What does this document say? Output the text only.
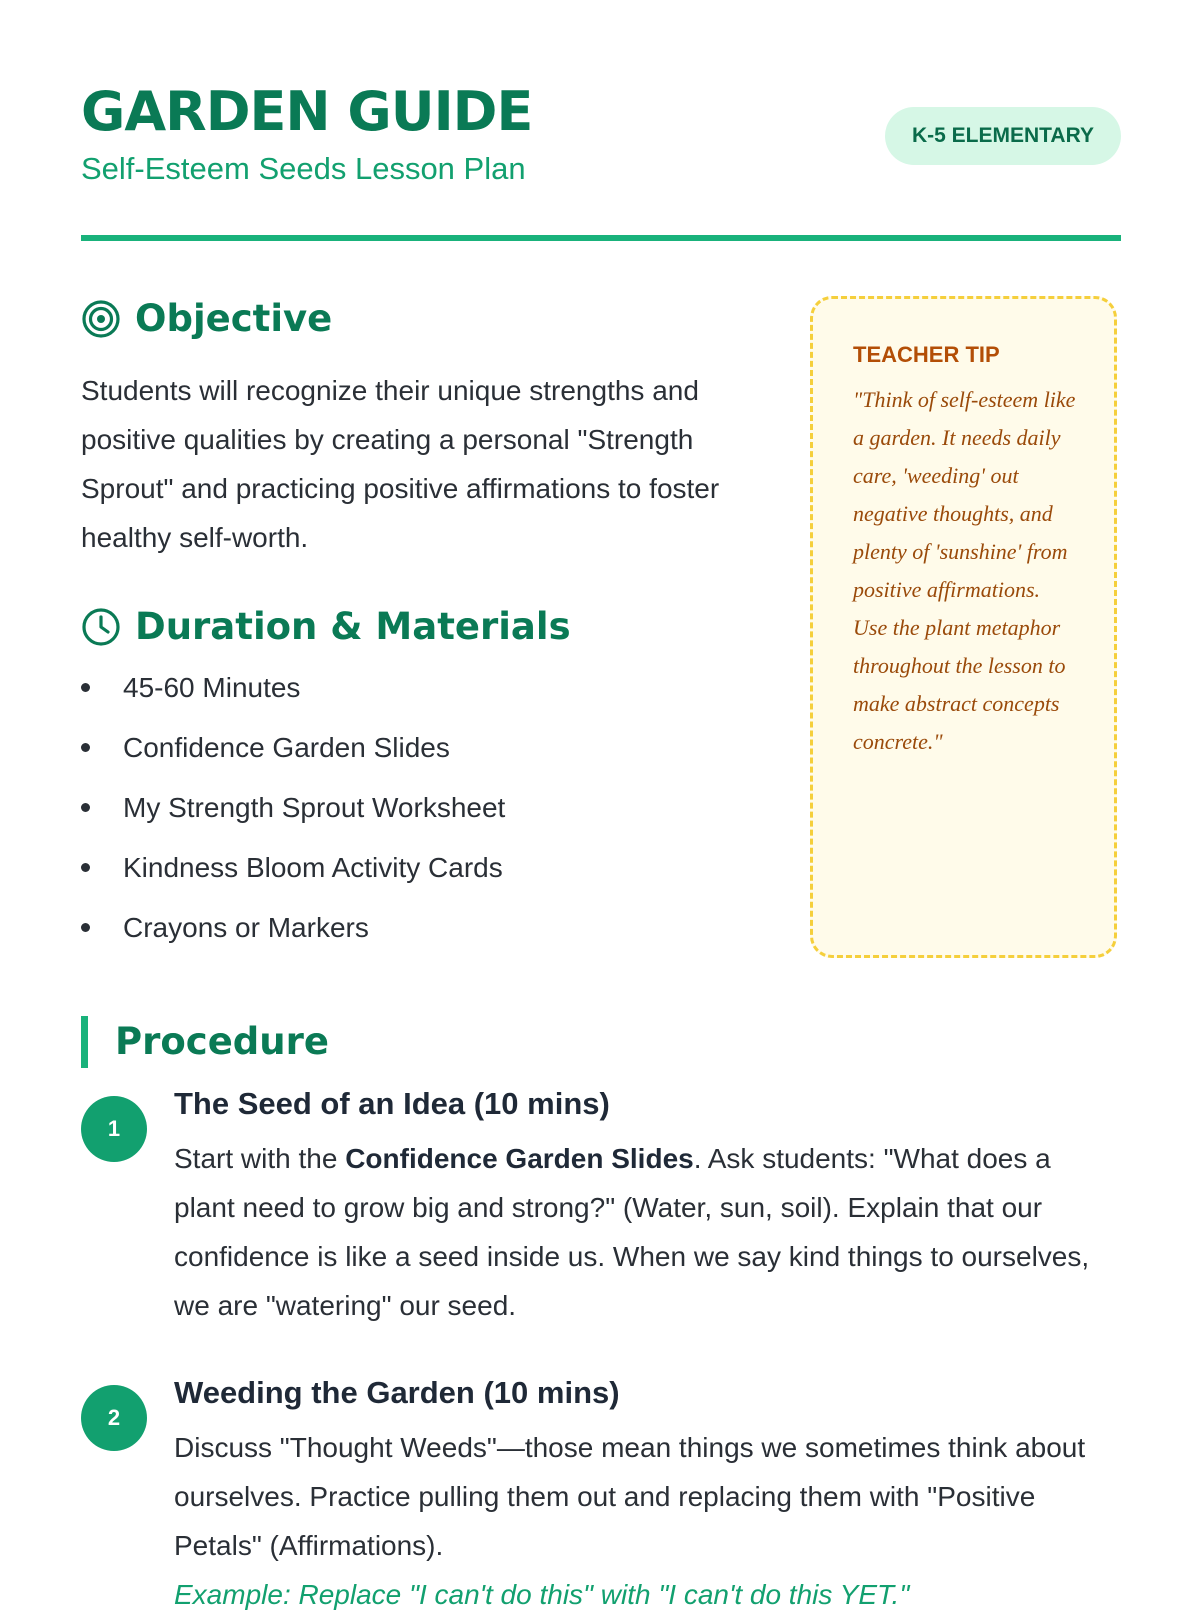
GARDEN GUIDE
Self-Esteem Seeds Lesson Plan
K-5 ELEMENTARY
Objective

Students will recognize their unique strengths and positive qualities by creating a personal "Strength Sprout" and practicing positive affirmations to foster healthy self-worth.

Duration & Materials
45-60 Minutes
Confidence Garden Slides
My Strength Sprout Worksheet
Kindness Bloom Activity Cards
Crayons or Markers
TEACHER TIP

"Think of self-esteem like a garden. It needs daily care, 'weeding' out negative thoughts, and plenty of 'sunshine' from positive affirmations. Use the plant metaphor throughout the lesson to make abstract concepts concrete."

Procedure
1
The Seed of an Idea (10 mins)

Start with the Confidence Garden Slides. Ask students: "What does a plant need to grow big and strong?" (Water, sun, soil). Explain that our confidence is like a seed inside us. When we say kind things to ourselves, we are "watering" our seed.

2
Weeding the Garden (10 mins)

Discuss "Thought Weeds"—those mean things we sometimes think about ourselves. Practice pulling them out and replacing them with "Positive Petals" (Affirmations).

Example: Replace "I can't do this" with "I can't do this YET."
